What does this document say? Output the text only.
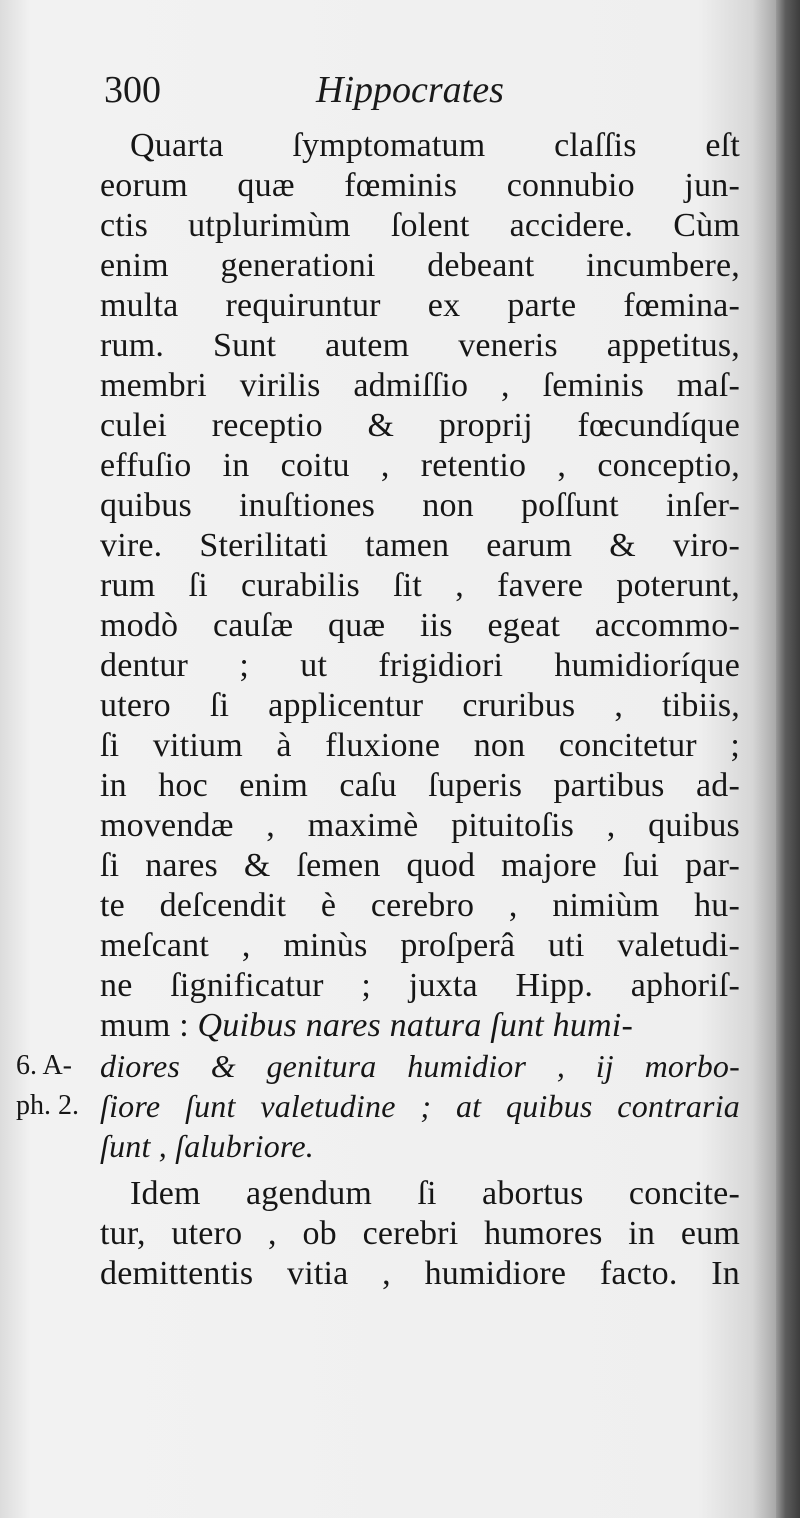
300	Hippocrates
Quarta ſymptomatum claſſis eſt
eorum quæ fœminis connubio jun-
ctis utplurimùm ſolent accidere. Cùm
enim generationi debeant incumbere,
multa requiruntur ex parte fœmina-
rum. Sunt autem veneris appetitus,
membri virilis admiſſio , ſeminis maſ-
culei receptio & proprij fœcundíque
effuſio in coitu , retentio , conceptio,
quibus inuſtiones non poſſunt inſer-
vire. Sterilitati tamen earum & viro-
rum ſi curabilis ſit , favere poterunt,
modò cauſæ quæ iis egeat accommo-
dentur ; ut frigidiori humidioríque
utero ſi applicentur cruribus , tibiis,
ſi vitium à fluxione non concitetur ;
in hoc enim caſu ſuperis partibus ad-
movendæ , maximè pituitoſis , quibus
ſi nares & ſemen quod majore ſui par-
te deſcendit è cerebro , nimiùm hu-
meſcant , minùs proſperâ uti valetudi-
ne ſignificatur ; juxta Hipp. aphoriſ-
mum : Quibus nares natura ſunt humi-
diores & genitura humidior , ij morbo-
ſiore ſunt valetudine ; at quibus contraria
ſunt , ſalubriore.
Idem agendum ſi abortus concite-
tur, utero , ob cerebri humores in eum
demittentis vitia , humidiore facto. In
6. A-
ph. 2.
